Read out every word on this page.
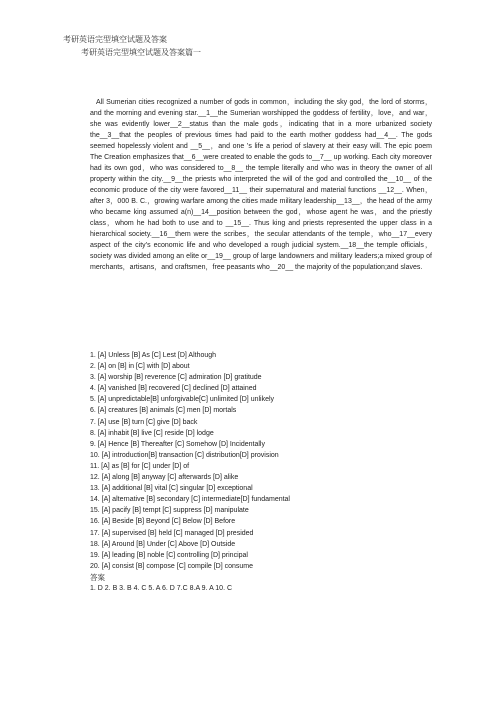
考研英语完型填空试题及答案
考研英语完型填空试题及答案篇一

All Sumerian cities recognized a number of gods in common，including the sky god，the lord of storms，and the morning and evening star.__1__the Sumerian worshipped the goddess of fertility，love，and war，she was evidently lower__2__status than the male gods，indicating that in a more urbanized society the__3__that the peoples of previous times had paid to the earth mother goddess had__4__. The gods seemed hopelessly violent and __5__，and one ’s life a period of slavery at their easy will. The epic poem The Creation emphasizes that__6__were created to enable the gods to__7__ up working. Each city moreover had its own god，who was considered to__8__ the temple literally and who was in theory the owner of all property within the city.__9__the priests who interpreted the will of the god and controlled the__10__ of the economic produce of the city were favored__11__ their supernatural and material functions __12__. When，after 3，000 B. C.，growing warfare among the cities made military leadership__13__，the head of the army who became king assumed a(n)__14__position between the god，whose agent he was，and the priestly class，whom he had both to use and to __15__. Thus king and priests represented the upper class in a hierarchical society.__16__them were the scribes，the secular attendants of the temple，who__17__every aspect of the city’s economic life and who developed a rough judicial system.__18__the temple officials，society was divided among an elite or__19__ group of large landowners and military leaders;a mixed group of merchants，artisans，and craftsmen，free peasants who__20__ the majority of the population;and slaves.

1. [A] Unless [B] As [C] Lest [D] Although
2. [A] on [B] in [C] with [D] about
3. [A] worship [B] reverence [C] admiration [D] gratitude
4. [A] vanished [B] recovered [C] declined [D] attained
5. [A] unpredictable[B] unforgivable[C] unlimited [D] unlikely
6. [A] creatures [B] animals [C] men [D] mortals
7. [A] use [B] turn [C] give [D] back
8. [A] inhabit [B] live [C] reside [D] lodge
9. [A] Hence [B] Thereafter [C] Somehow [D] Incidentally
10. [A] introduction[B] transaction [C] distribution[D] provision
11. [A] as [B] for [C] under [D] of
12. [A] along [B] anyway [C] afterwards [D] alike
13. [A] additional [B] vital [C] singular [D] exceptional
14. [A] alternative [B] secondary [C] intermediate[D] fundamental
15. [A] pacify [B] tempt [C] suppress [D] manipulate
16. [A] Beside [B] Beyond [C] Below [D] Before
17. [A] supervised [B] held [C] managed [D] presided
18. [A] Around [B] Under [C] Above [D] Outside
19. [A] leading [B] noble [C] controlling [D] principal
20. [A] consist [B] compose [C] compile [D] consume
答案
1. D 2. B 3. B 4. C 5. A 6. D 7.C 8.A 9. A 10. C
